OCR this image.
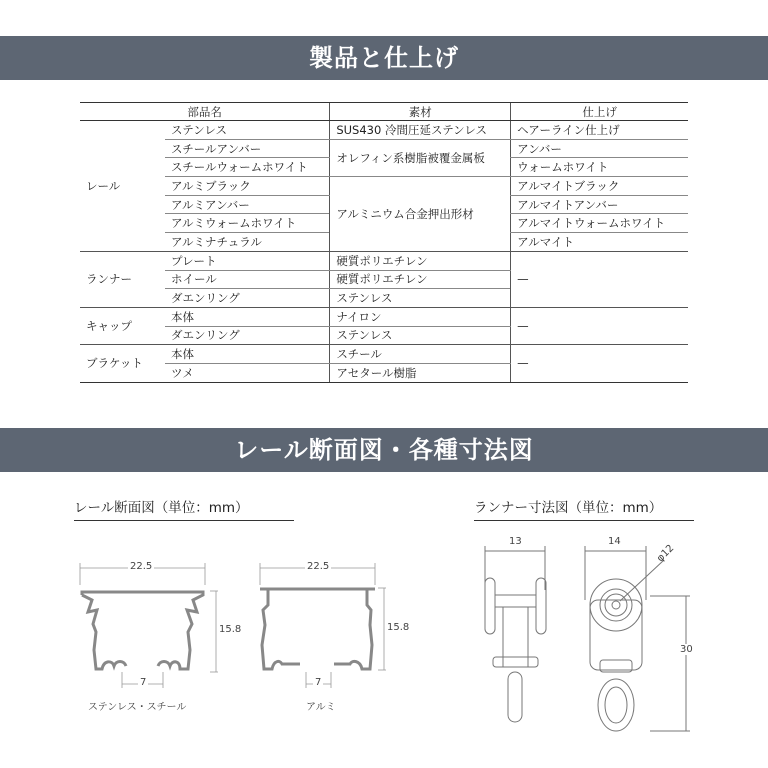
製品と仕上げ
部品名		素材	仕上げ
レール	ステンレス	SUS430 冷間圧延ステンレス	ヘアーライン仕上げ
	スチールアンバー	オレフィン系樹脂被覆金属板	アンバー
	スチールウォームホワイト		ウォームホワイト
	アルミブラック	アルミニウム合金押出形材	アルマイトブラック
	アルミアンバー		アルマイトアンバー
	アルミウォームホワイト		アルマイトウォームホワイト
	アルミナチュラル		アルマイト
ランナー	プレート	硬質ポリエチレン	—
	ホイール	硬質ポリエチレン	
	ダエンリング	ステンレス	
キャップ	本体	ナイロン	—
	ダエンリング	ステンレス	
ブラケット	本体	スチール	—
	ツメ	アセタール樹脂	
レール断面図・各種寸法図
レール断面図（単位：mm）	ランナー寸法図（単位：mm）
22.5
15.8
7
ステンレス・スチール
22.5
15.8
7
アルミ
13	14
φ12
30
